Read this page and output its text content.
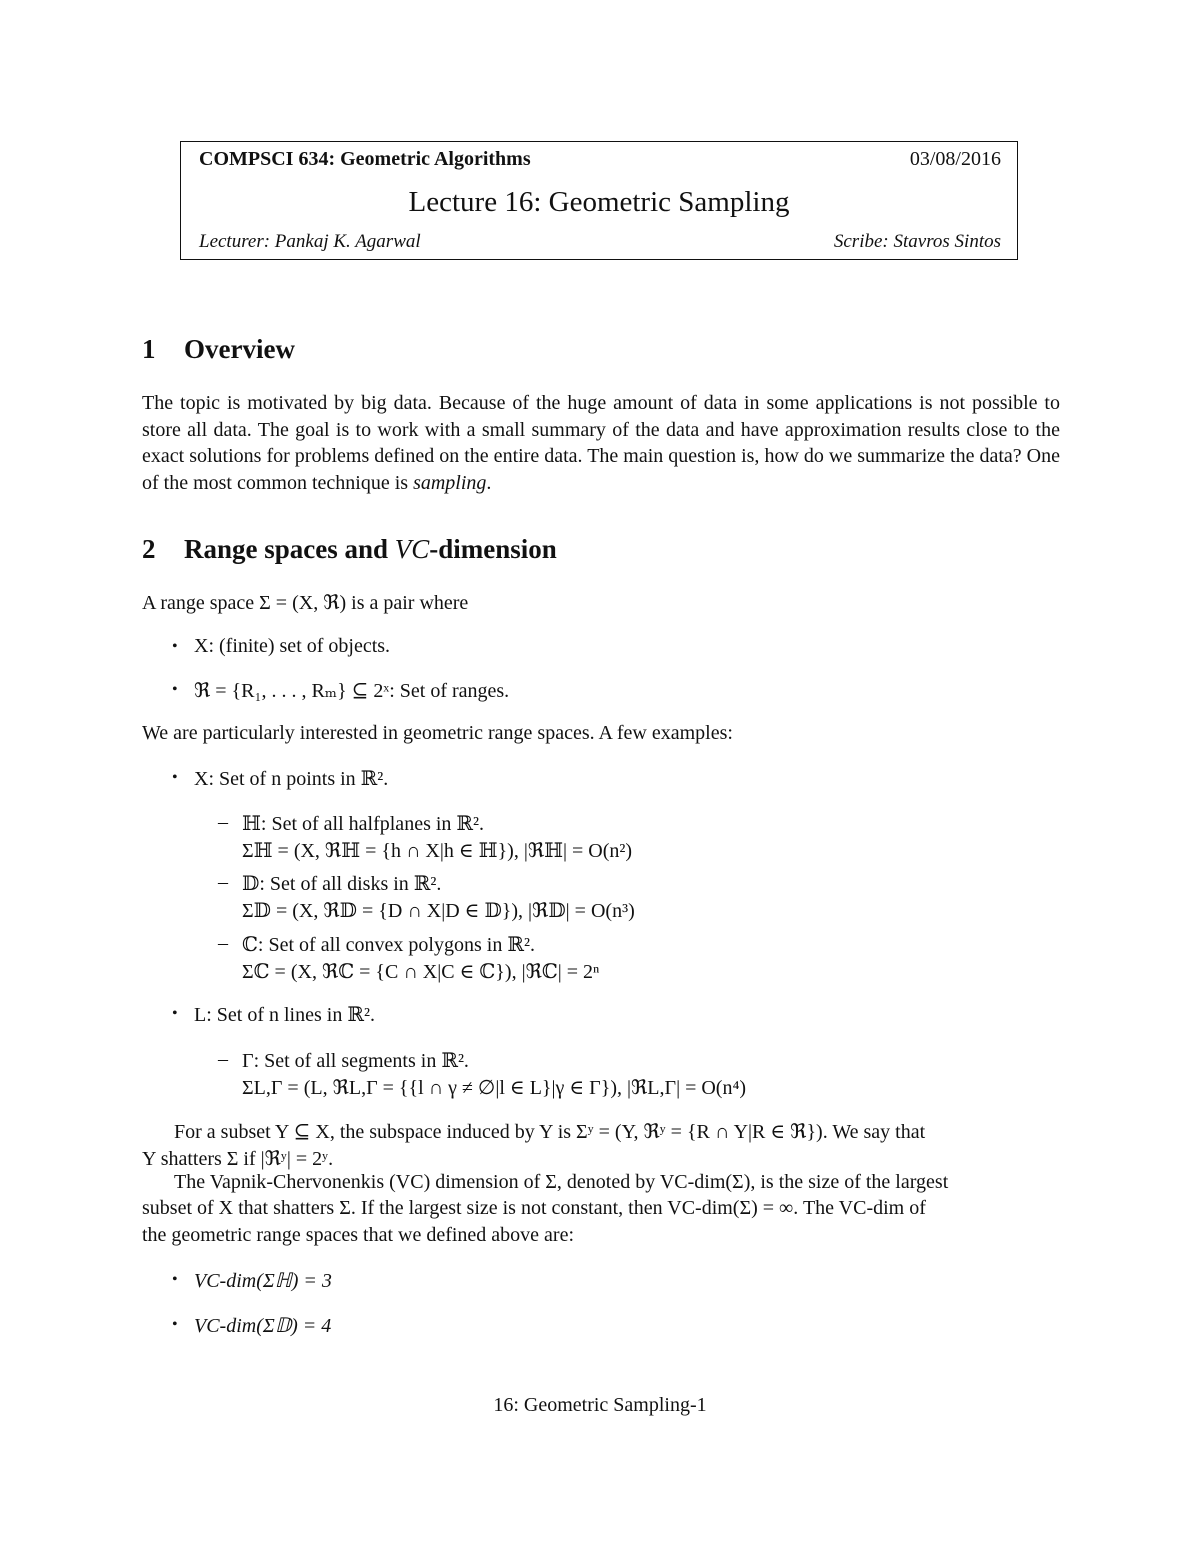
COMPSCI 634: Geometric Algorithms	03/08/2016
Lecture 16: Geometric Sampling
Lecturer: Pankaj K. Agarwal	Scribe: Stavros Sintos
1 Overview
The topic is motivated by big data. Because of the huge amount of data in some applications is not possible to store all data. The goal is to work with a small summary of the data and have approximation results close to the exact solutions for problems defined on the entire data. The main question is, how do we summarize the data? One of the most common technique is sampling.
2 Range spaces and VC-dimension
A range space Σ = (X, ℜ) is a pair where
• X: (finite) set of objects.
• ℜ = {R₁, . . . , Rₘ} ⊆ 2ˣ: Set of ranges.
We are particularly interested in geometric range spaces. A few examples:
• X: Set of n points in ℝ².
– ℍ: Set of all halfplanes in ℝ².
Σℍ = (X, ℜℍ = {h ∩ X|h ∈ ℍ}), |ℜℍ| = O(n²)
– 𝔻: Set of all disks in ℝ².
Σ𝔻 = (X, ℜ𝔻 = {D ∩ X|D ∈ 𝔻}), |ℜ𝔻| = O(n³)
– ℂ: Set of all convex polygons in ℝ².
Σℂ = (X, ℜℂ = {C ∩ X|C ∈ ℂ}), |ℜℂ| = 2ⁿ
• L: Set of n lines in ℝ².
– Γ: Set of all segments in ℝ².
ΣL,Γ = (L, ℜL,Γ = {{l ∩ γ ≠ ∅|l ∈ L}|γ ∈ Γ}), |ℜL,Γ| = O(n⁴)
For a subset Y ⊆ X, the subspace induced by Y is Σʸ = (Y, ℜʸ = {R ∩ Y|R ∈ ℜ}). We say that
Y shatters Σ if |ℜʸ| = 2ʸ.
The Vapnik-Chervonenkis (VC) dimension of Σ, denoted by VC-dim(Σ), is the size of the largest
subset of X that shatters Σ. If the largest size is not constant, then VC-dim(Σ) = ∞. The VC-dim of
the geometric range spaces that we defined above are:
• VC-dim(Σℍ) = 3
• VC-dim(Σ𝔻) = 4
16: Geometric Sampling-1
